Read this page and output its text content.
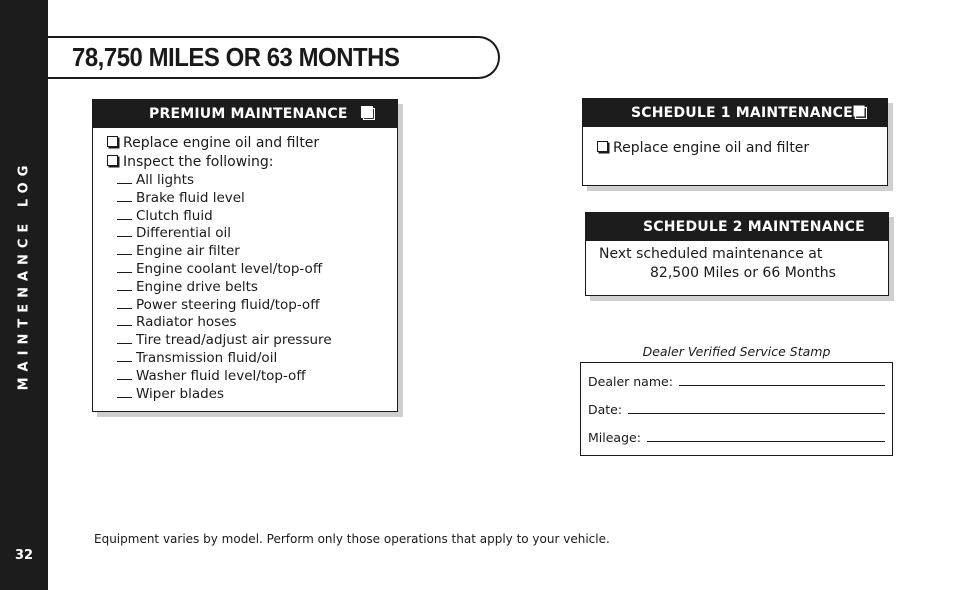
MAINTENANCE LOG
32
78,750 MILES OR 63 MONTHS
PREMIUM MAINTENANCE
Replace engine oil and filter
Inspect the following:
All lights
Brake fluid level
Clutch fluid
Differential oil
Engine air filter
Engine coolant level/top-off
Engine drive belts
Power steering fluid/top-off
Radiator hoses
Tire tread/adjust air pressure
Transmission fluid/oil
Washer fluid level/top-off
Wiper blades
SCHEDULE 1 MAINTENANCE
Replace engine oil and filter
SCHEDULE 2 MAINTENANCE
Next scheduled maintenance at
82,500 Miles or 66 Months
Dealer Verified Service Stamp
Dealer name:
Date:
Mileage:
Equipment varies by model. Perform only those operations that apply to your vehicle.
